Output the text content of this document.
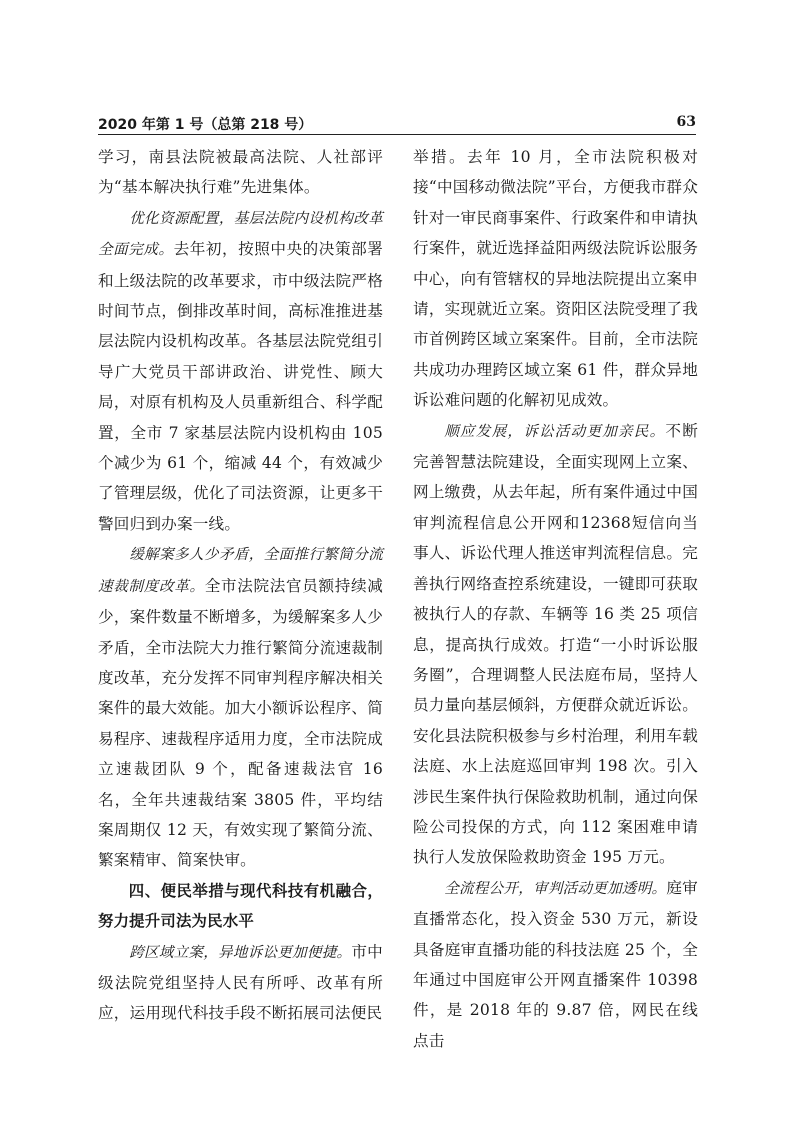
2020 年第 1 号（总第 218 号）	63

学习，南县法院被最高法院、人社部评为“基本解决执行难”先进集体。

优化资源配置，基层法院内设机构改革全面完成。去年初，按照中央的决策部署和上级法院的改革要求，市中级法院严格时间节点，倒排改革时间，高标准推进基层法院内设机构改革。各基层法院党组引导广大党员干部讲政治、讲党性、顾大局，对原有机构及人员重新组合、科学配置，全市 7 家基层法院内设机构由 105 个减少为 61 个，缩减 44 个，有效减少了管理层级，优化了司法资源，让更多干警回归到办案一线。

缓解案多人少矛盾，全面推行繁简分流速裁制度改革。全市法院法官员额持续减少，案件数量不断增多，为缓解案多人少矛盾，全市法院大力推行繁简分流速裁制度改革，充分发挥不同审判程序解决相关案件的最大效能。加大小额诉讼程序、简易程序、速裁程序适用力度，全市法院成立速裁团队 9 个，配备速裁法官 16 名，全年共速裁结案 3805 件，平均结案周期仅 12 天，有效实现了繁简分流、繁案精审、简案快审。

四、便民举措与现代科技有机融合，努力提升司法为民水平

跨区域立案，异地诉讼更加便捷。市中级法院党组坚持人民有所呼、改革有所应，运用现代科技手段不断拓展司法便民

举措。去年 10 月，全市法院积极对接“中国移动微法院”平台，方便我市群众针对一审民商事案件、行政案件和申请执行案件，就近选择益阳两级法院诉讼服务中心，向有管辖权的异地法院提出立案申请，实现就近立案。资阳区法院受理了我市首例跨区域立案案件。目前，全市法院共成功办理跨区域立案 61 件，群众异地诉讼难问题的化解初见成效。

顺应发展，诉讼活动更加亲民。不断完善智慧法院建设，全面实现网上立案、网上缴费，从去年起，所有案件通过中国审判流程信息公开网和12368短信向当事人、诉讼代理人推送审判流程信息。完善执行网络查控系统建设，一键即可获取被执行人的存款、车辆等 16 类 25 项信息，提高执行成效。打造“一小时诉讼服务圈”，合理调整人民法庭布局，坚持人员力量向基层倾斜，方便群众就近诉讼。安化县法院积极参与乡村治理，利用车载法庭、水上法庭巡回审判 198 次。引入涉民生案件执行保险救助机制，通过向保险公司投保的方式，向 112 案困难申请执行人发放保险救助资金 195 万元。

全流程公开，审判活动更加透明。庭审直播常态化，投入资金 530 万元，新设具备庭审直播功能的科技法庭 25 个，全年通过中国庭审公开网直播案件 10398 件，是 2018 年的 9.87 倍，网民在线点击
